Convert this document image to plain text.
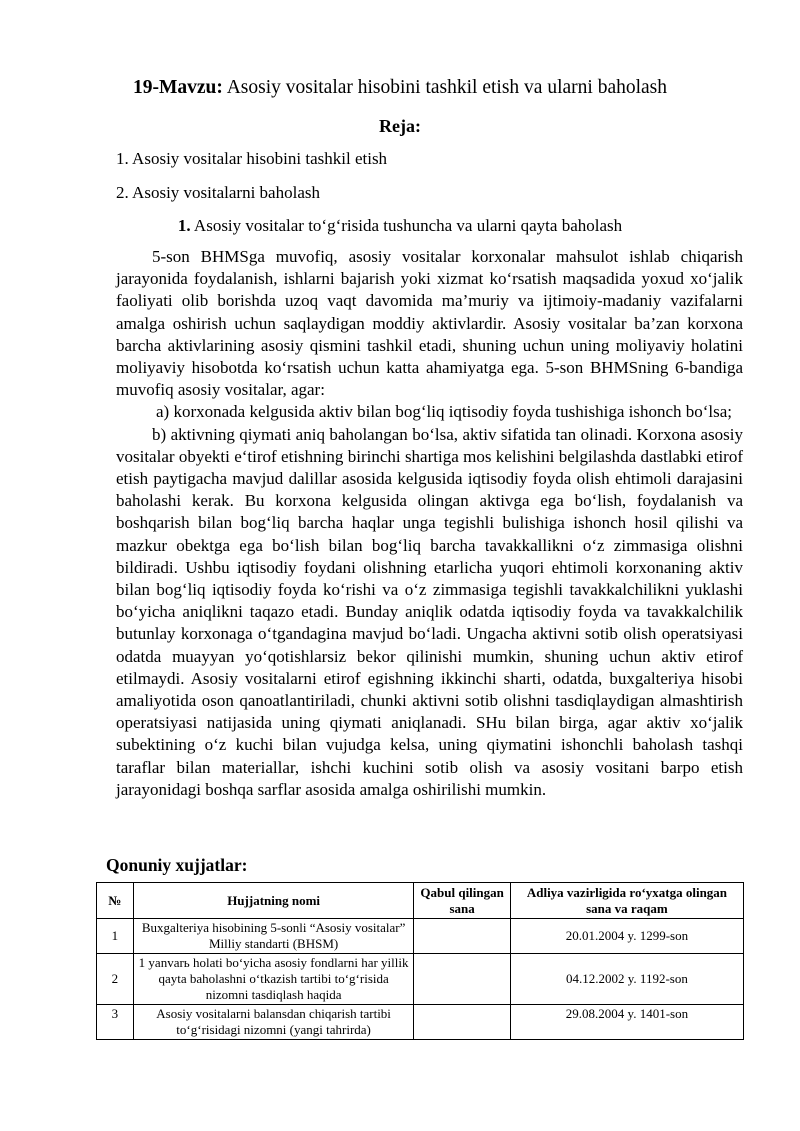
19-Mavzu: Asosiy vositalar hisobini tashkil etish va ularni baholash
Reja:
1. Asosiy vositalar hisobini tashkil etish
2. Asosiy vositalarni baholash
1. Asosiy vositalar to‘g‘risida tushuncha va ularni qayta baholash

5-son BHMSga muvofiq, asosiy vositalar korxonalar mahsulot ishlab chiqarish jarayonida foydalanish, ishlarni bajarish yoki xizmat ko‘rsatish maqsadida yoxud xo‘jalik faoliyati olib borishda uzoq vaqt davomida ma’muriy va ijtimoiy-madaniy vazifalarni amalga oshirish uchun saqlaydigan moddiy aktivlardir. Asosiy vositalar ba’zan korxona barcha aktivlarining asosiy qismini tashkil etadi, shuning uchun uning moliyaviy holatini moliyaviy hisobotda ko‘rsatish uchun katta ahamiyatga ega. 5-son BHMSning 6-bandiga muvofiq asosiy vositalar, agar:

a) korxonada kelgusida aktiv bilan bog‘liq iqtisodiy foyda tushishiga ishonch bo‘lsa;

b) aktivning qiymati aniq baholangan bo‘lsa, aktiv sifatida tan olinadi. Korxona asosiy vositalar obyekti e‘tirof etishning birinchi shartiga mos kelishini belgilashda dastlabki etirof etish paytigacha mavjud dalillar asosida kelgusida iqtisodiy foyda olish ehtimoli darajasini baholashi kerak. Bu korxona kelgusida olingan aktivga ega bo‘lish, foydalanish va boshqarish bilan bog‘liq barcha haqlar unga tegishli bulishiga ishonch hosil qilishi va mazkur obektga ega bo‘lish bilan bog‘liq barcha tavakkallikni o‘z zimmasiga olishni bildiradi. Ushbu iqtisodiy foydani olishning etarlicha yuqori ehtimoli korxonaning aktiv bilan bog‘liq iqtisodiy foyda ko‘rishi va o‘z zimmasiga tegishli tavakkalchilikni yuklashi bo‘yicha aniqlikni taqazo etadi. Bunday aniqlik odatda iqtisodiy foyda va tavakkalchilik butunlay korxonaga o‘tgandagina mavjud bo‘ladi. Ungacha aktivni sotib olish operatsiyasi odatda muayyan yo‘qotishlarsiz bekor qilinishi mumkin, shuning uchun aktiv etirof etilmaydi. Asosiy vositalarni etirof egishning ikkinchi sharti, odatda, buxgalteriya hisobi amaliyotida oson qanoatlantiriladi, chunki aktivni sotib olishni tasdiqlaydigan almashtirish operatsiyasi natijasida uning qiymati aniqlanadi. SHu bilan birga, agar aktiv xo‘jalik subektining o‘z kuchi bilan vujudga kelsa, uning qiymatini ishonchli baholash tashqi taraflar bilan materiallar, ishchi kuchini sotib olish va asosiy vositani barpo etish jarayonidagi boshqa sarflar asosida amalga oshirilishi mumkin.

Qonuniy xujjatlar:
№	Hujjatning nomi	Qabul qilingan sana	Adliya vazirligida ro‘yxatga olingan sana va raqam
1	Buxgalteriya hisobining 5-sonli “Asosiy vositalar” Milliy standarti (BHSM)		20.01.2004 y. 1299-son
2	1 yanvarь holati bo‘yicha asosiy fondlarni har yillik qayta baholashni o‘tkazish tartibi to‘g‘risida nizomni tasdiqlash haqida		04.12.2002 y. 1192-son
3	Asosiy vositalarni balansdan chiqarish tartibi to‘g‘risidagi nizomni (yangi tahrirda)		29.08.2004 y. 1401-son
